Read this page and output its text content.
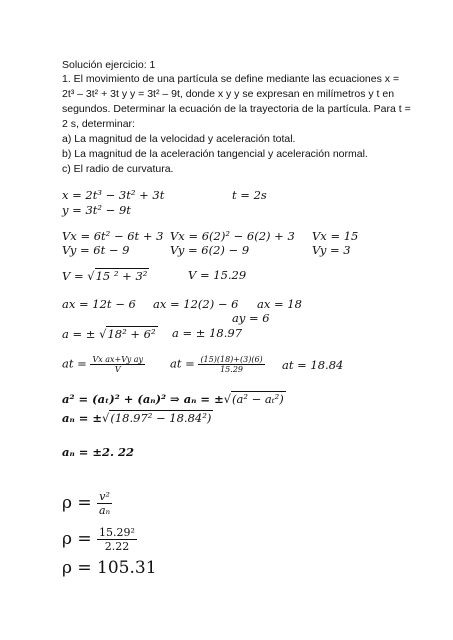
Solución ejercicio: 1
1. El movimiento de una partícula se define mediante las ecuaciones x =
2t³ – 3t² + 3t y y = 3t² – 9t, donde x y y se expresan en milímetros y t en
segundos. Determinar la ecuación de la trayectoria de la partícula. Para t =
2 s, determinar:
a) La magnitud de la velocidad y aceleración total.
b) La magnitud de la aceleración tangencial y aceleración normal.
c) El radio de curvatura.
x = 2t³ − 3t² + 3t	t = 2s
y = 3t² − 9t
Vx = 6t² − 6t + 3 Vx = 6(2)² − 6(2) + 3 Vx = 15
Vy = 6t − 9	Vy = 6(2) − 9	Vy = 3
V = √15 ² + 3²	V = 15.29
ax = 12t − 6 ax = 12(2) − 6 ax = 18
ay = 6
a = ± √18² + 6² a = ± 18.97
at = $\frac{\text{Vx ax+Vy ay}}{V}$ at = $\frac{(15)(18)+(3)(6)}{15.29}$ at = 18.84
a² = (aₜ)² + (aₙ)² ⇒ aₙ = ±√(a² − aₜ²)
aₙ = ±√(18.97² − 18.84²)
aₙ = ±2. 22
$\rho = \frac{\text{v²}}{\text{aₙ}}$
$\rho = \frac{\text{15.29²}}{2.22}$
ρ = 105.31
